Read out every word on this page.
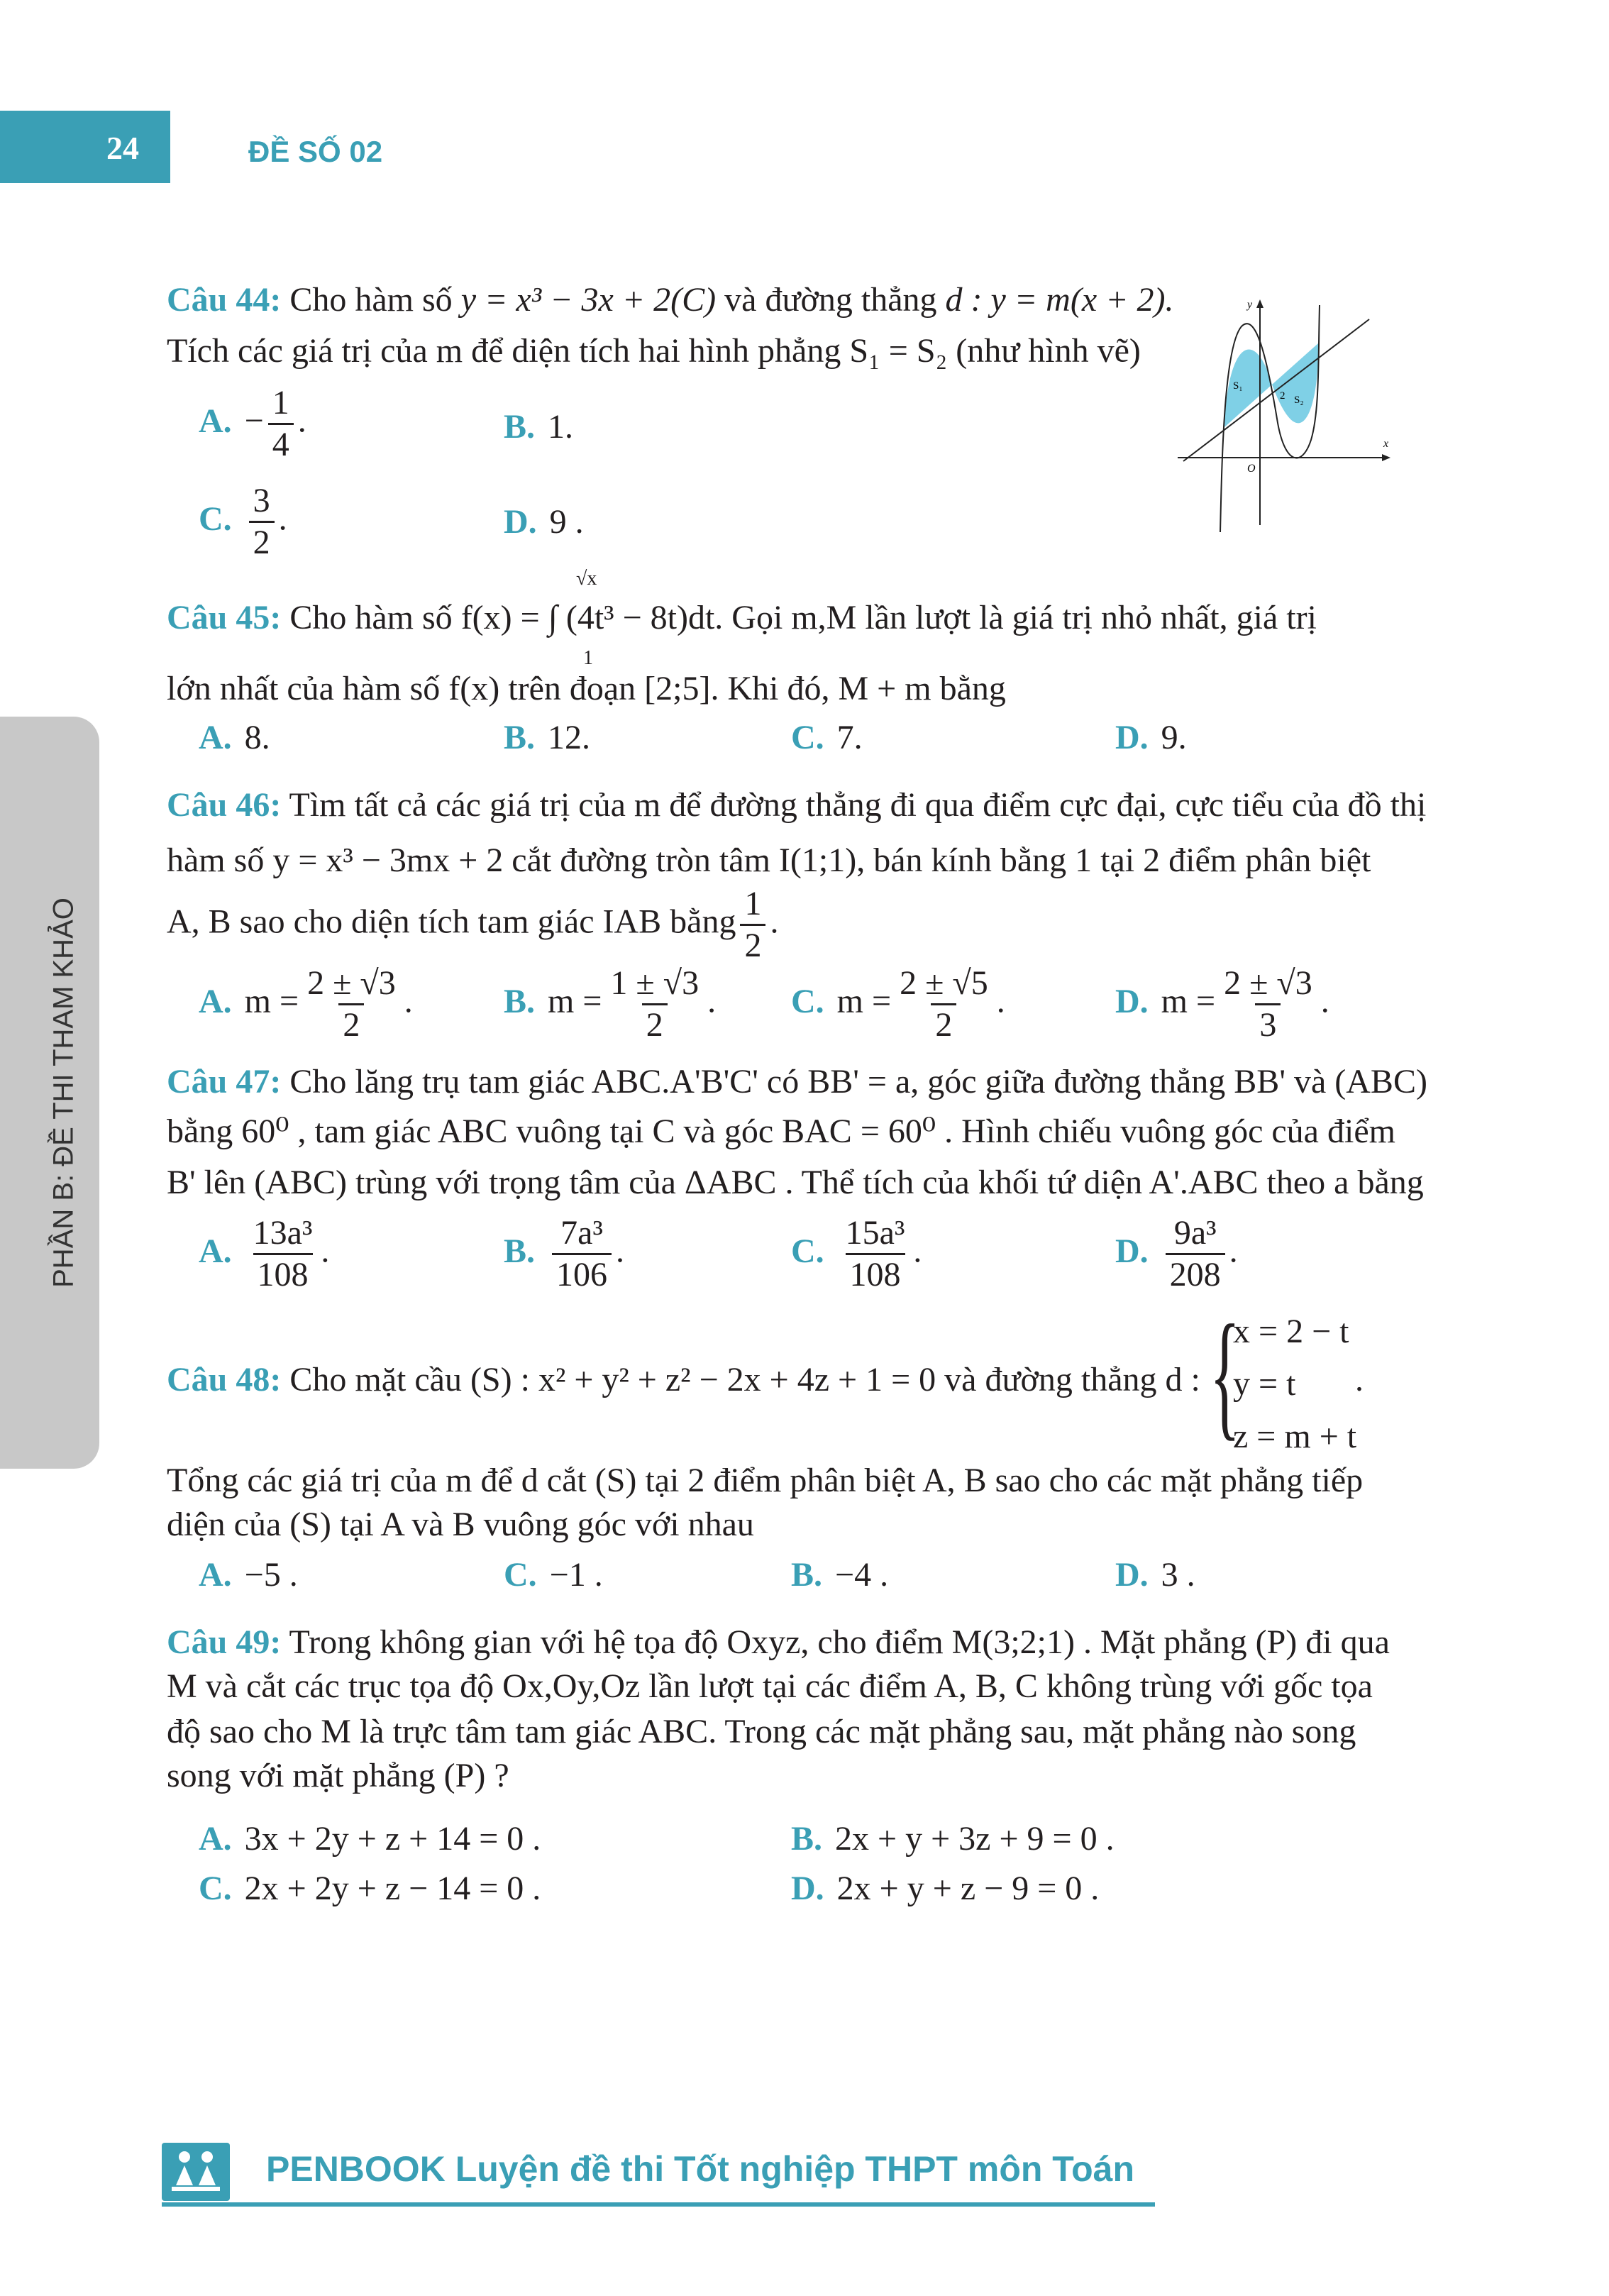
24	ĐỀ SỐ 02
PHẦN B: ĐỀ THI THAM KHẢO
Câu 44: Cho hàm số y = x³ − 3x + 2(C) và đường thẳng d : y = m(x + 2).
Tích các giá trị của m để diện tích hai hình phẳng S₁ = S₂ (như hình vẽ)
A. − $\frac{1}{4}$ .	B. 1.
C. $\frac{3}{2}$ .	D. 9 .
y
x
O
S₁
S₂
2
Câu 45: Cho hàm số f(x) = ∫ (4t³ − 8t)dt. Gọi m,M lần lượt là giá trị nhỏ nhất, giá trị
√x
1
lớn nhất của hàm số f(x) trên đoạn [2;5]. Khi đó, M + m bằng
A. 8.	B. 12.	C. 7.	D. 9.
Câu 46: Tìm tất cả các giá trị của m để đường thẳng đi qua điểm cực đại, cực tiểu của đồ thị
hàm số y = x³ − 3mx + 2 cắt đường tròn tâm I(1;1), bán kính bằng 1 tại 2 điểm phân biệt
A, B sao cho diện tích tam giác IAB bằng $\frac{1}{2}$ .
A. $m = \frac{2 \pm √3}{2}$ .	B. $m = \frac{1 \pm √3}{2}$ . C. $m = \frac{2 \pm √5}{2}$ .	D. $m = \frac{2 \pm √3}{3}$ .
Câu 47: Cho lăng trụ tam giác ABC.A'B'C' có BB' = a, góc giữa đường thẳng BB' và (ABC)
bằng 60⁰ , tam giác ABC vuông tại C và góc BAC = 60⁰ . Hình chiếu vuông góc của điểm
B' lên (ABC) trùng với trọng tâm của ΔABC . Thể tích của khối tứ diện A'.ABC theo a bằng
A. $\frac{\text{13a³}}{108}$ .	B. $\frac{\text{7a³}}{106}$ .	C. $\frac{\text{15a³}}{108}$ .	D. $\frac{\text{9a³}}{208}$ .
Câu 48: Cho mặt cầu (S) : x² + y² + z² − 2x + 4z + 1 = 0 và đường thẳng d : {
x = 2 − t
y = t
z = m + t
.
Tổng các giá trị của m để d cắt (S) tại 2 điểm phân biệt A, B sao cho các mặt phẳng tiếp
diện của (S) tại A và B vuông góc với nhau
A. −5 .	C. −1 .	B. −4 .	D. 3 .
Câu 49: Trong không gian với hệ tọa độ Oxyz, cho điểm M(3;2;1) . Mặt phẳng (P) đi qua
M và cắt các trục tọa độ Ox,Oy,Oz lần lượt tại các điểm A, B, C không trùng với gốc tọa
độ sao cho M là trực tâm tam giác ABC. Trong các mặt phẳng sau, mặt phẳng nào song
song với mặt phẳng (P) ?
A. 3x + 2y + z + 14 = 0 .	B. 2x + y + 3z + 9 = 0 .
C. 2x + 2y + z − 14 = 0 .	D. 2x + y + z − 9 = 0 .
PENBOOK Luyện đề thi Tốt nghiệp THPT môn Toán
